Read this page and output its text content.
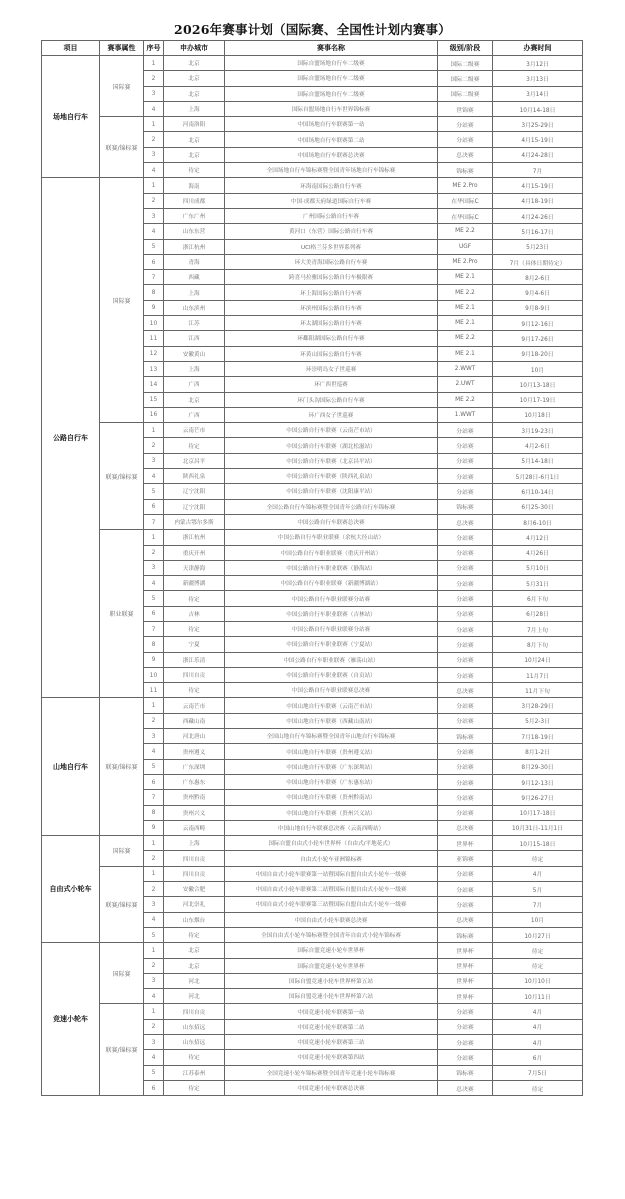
2026年赛事计划（国际赛、全国性计划内赛事）
项目	赛事属性	序号	申办城市	赛事名称	级别/阶段	办赛时间
场地自行车	国际赛	1	北京	国际自盟场地自行车二级赛	国际二级赛	3月12日
		2	北京	国际自盟场地自行车二级赛	国际二级赛	3月13日
		3	北京	国际自盟场地自行车二级赛	国际二级赛	3月14日
		4	上海	国际自盟场地自行车世界锦标赛	世锦赛	10月14-18日
	联赛/锦标赛	1	河南洛阳	中国场地自行车联赛第一站	分站赛	3月25-29日
		2	北京	中国场地自行车联赛第二站	分站赛	4月15-19日
		3	北京	中国场地自行车联赛总决赛	总决赛	4月24-28日
		4	待定	全国场地自行车锦标赛暨全国青年场地自行车锦标赛	锦标赛	7月
公路自行车	国际赛	1	海南	环海南国际公路自行车赛	ME 2.Pro	4月15-19日
		2	四川成都	中国·成都天府绿道国际自行车赛	在华国际C	4月18-19日
		3	广东广州	广州国际公路自行车赛	在华国际C	4月24-26日
		4	山东东营	黄河口（东营）国际公路自行车赛	ME 2.2	5月16-17日
		5	浙江杭州	UCI格兰芬多世界系列赛	UGF	5月23日
		6	青海	环大美青海国际公路自行车赛	ME 2.Pro	7月（具体日期待定）
		7	西藏	跨喜马拉雅国际公路自行车极限赛	ME 2.1	8月2-6日
		8	上海	环上海国际公路自行车赛	ME 2.2	9月4-6日
		9	山东滨州	环滨州国际公路自行车赛	ME 2.1	9月8-9日
		10	江苏	环太湖国际公路自行车赛	ME 2.1	9月12-16日
		11	江西	环鄱阳湖国际公路自行车赛	ME 2.2	9月17-26日
		12	安徽黄山	环黄山国际公路自行车赛	ME 2.1	9月18-20日
		13	上海	环崇明岛女子世巡赛	2.WWT	10月
		14	广西	环广西世巡赛	2.UWT	10月13-18日
		15	北京	环门头沟国际公路自行车赛	ME 2.2	10月17-19日
		16	广西	环广西女子世巡赛	1.WWT	10月18日
	联赛/锦标赛	1	云南芒市	中国公路自行车联赛（云南芒市站）	分站赛	3月19-23日
		2	待定	中国公路自行车联赛（湖北松滋站）	分站赛	4月2-6日
		3	北京昌平	中国公路自行车联赛（北京昌平站）	分站赛	5月14-18日
		4	陕西礼泉	中国公路自行车联赛（陕西礼泉站）	分站赛	5月28日-6月1日
		5	辽宁沈阳	中国公路自行车联赛（沈阳康平站）	分站赛	6月10-14日
		6	辽宁沈阳	全国公路自行车锦标赛暨全国青年公路自行车锦标赛	锦标赛	6月25-30日
		7	内蒙古鄂尔多斯	中国公路自行车联赛总决赛	总决赛	8月6-10日
	职业联赛	1	浙江杭州	中国公路自行车职业联赛（余杭大径山站）	分站赛	4月12日
		2	重庆开州	中国公路自行车职业联赛（重庆开州站）	分站赛	4月26日
		3	天津静海	中国公路自行车职业联赛（静海站）	分站赛	5月10日
		4	新疆博湖	中国公路自行车职业联赛（新疆博湖站）	分站赛	5月31日
		5	待定	中国公路自行车职业联赛分站赛	分站赛	6月下旬
		6	吉林	中国公路自行车职业联赛（吉林站）	分站赛	6月28日
		7	待定	中国公路自行车职业联赛分站赛	分站赛	7月上旬
		8	宁夏	中国公路自行车职业联赛（宁夏站）	分站赛	8月下旬
		9	浙江乐清	中国公路自行车职业联赛（雁荡山站）	分站赛	10月24日
		10	四川自贡	中国公路自行车职业联赛（自贡站）	分站赛	11月7日
		11	待定	中国公路自行车职业联赛总决赛	总决赛	11月下旬
山地自行车	联赛/锦标赛	1	云南芒市	中国山地自行车联赛（云南芒市站）	分站赛	3月28-29日
		2	西藏山南	中国山地自行车联赛（西藏山南站）	分站赛	5月2-3日
		3	河北唐山	全国山地自行车锦标赛暨全国青年山地自行车锦标赛	锦标赛	7月18-19日
		4	贵州遵义	中国山地自行车联赛（贵州遵义站）	分站赛	8月1-2日
		5	广东深圳	中国山地自行车联赛（广东深圳站）	分站赛	8月29-30日
		6	广东惠东	中国山地自行车联赛（广东惠东站）	分站赛	9月12-13日
		7	贵州黔南	中国山地自行车联赛（贵州黔南站）	分站赛	9月26-27日
		8	贵州兴义	中国山地自行车联赛（贵州兴义站）	分站赛	10月17-18日
		9	云南西畴	中国山地自行车联赛总决赛（云南西畴站）	总决赛	10月31日-11月1日
自由式小轮车	国际赛	1	上海	国际自盟自由式小轮车世界杯（自由式/平地花式）	世界杯	10月15-18日
		2	四川自贡	自由式小轮车亚洲锦标赛	亚锦赛	待定
	联赛/锦标赛	1	四川自贡	中国自由式小轮车联赛第一站暨国际自盟自由式小轮车一级赛	分站赛	4月
		2	安徽合肥	中国自由式小轮车联赛第二站暨国际自盟自由式小轮车一级赛	分站赛	5月
		3	河北崇礼	中国自由式小轮车联赛第三站暨国际自盟自由式小轮车一级赛	分站赛	7月
		4	山东烟台	中国自由式小轮车联赛总决赛	总决赛	10月
		5	待定	全国自由式小轮车锦标赛暨全国青年自由式小轮车锦标赛	锦标赛	10月27日
竞速小轮车	国际赛	1	北京	国际自盟竞速小轮车世界杯	世界杯	待定
		2	北京	国际自盟竞速小轮车世界杯	世界杯	待定
		3	河北	国际自盟竞速小轮车世界杯第五站	世界杯	10月10日
		4	河北	国际自盟竞速小轮车世界杯第六站	世界杯	10月11日
	联赛/锦标赛	1	四川自贡	中国竞速小轮车联赛第一站	分站赛	4月
		2	山东招远	中国竞速小轮车联赛第二站	分站赛	4月
		3	山东招远	中国竞速小轮车联赛第三站	分站赛	4月
		4	待定	中国竞速小轮车联赛第四站	分站赛	6月
		5	江苏泰州	全国竞速小轮车锦标赛暨全国青年竞速小轮车锦标赛	锦标赛	7月5日
		6	待定	中国竞速小轮车联赛总决赛	总决赛	待定
